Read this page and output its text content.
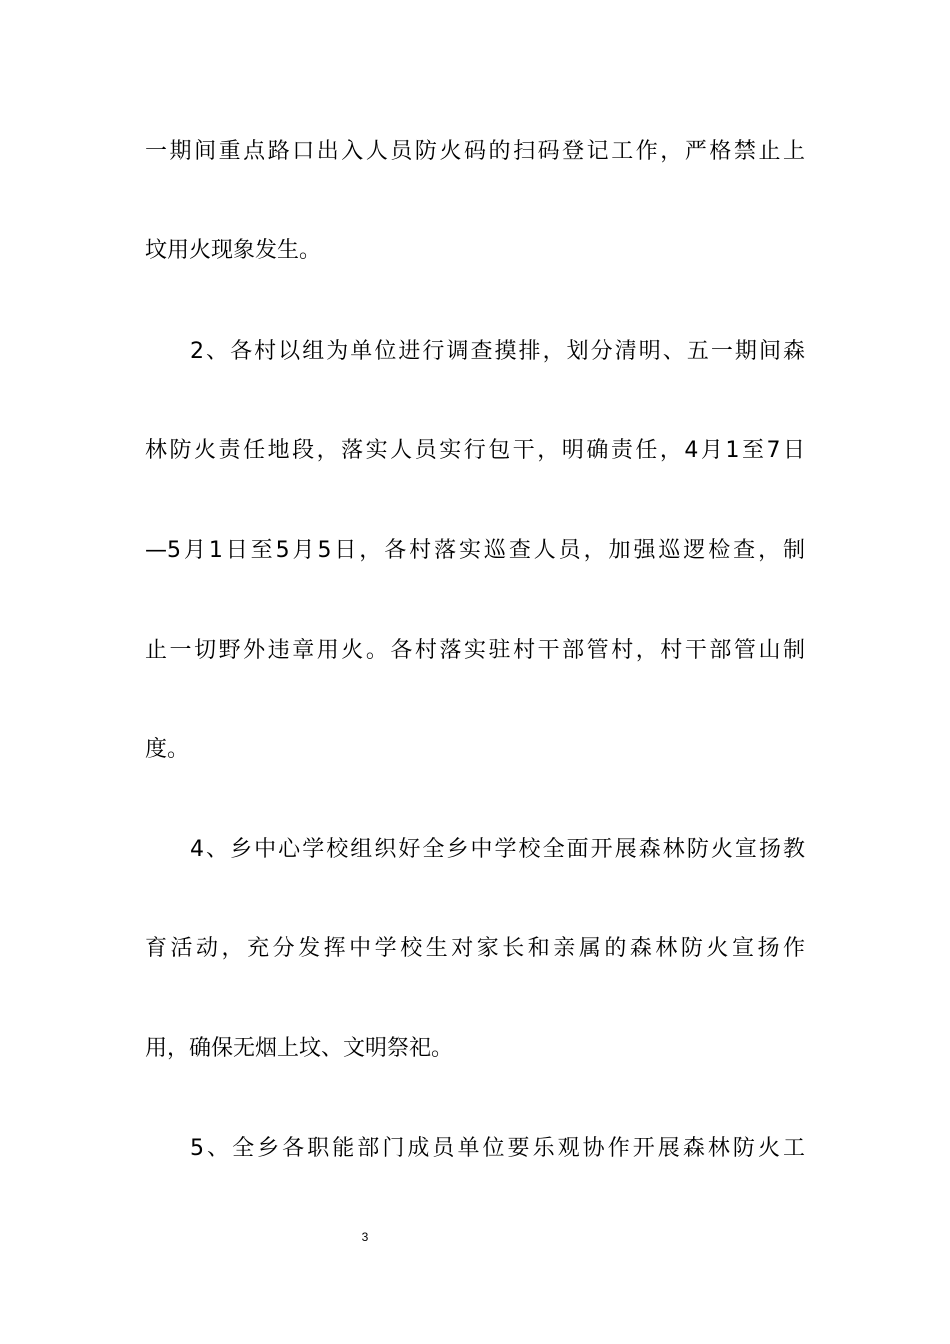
一期间重点路口出入人员防火码的扫码登记工作，严格禁止上
坟用火现象发生。
2、各村以组为单位进行调查摸排，划分清明、五一期间森
林防火责任地段，落实人员实行包干，明确责任，4月1至7日
—5月1日至5月5日，各村落实巡查人员，加强巡逻检查，制
止一切野外违章用火。各村落实驻村干部管村，村干部管山制
度。
4、乡中心学校组织好全乡中学校全面开展森林防火宣扬教
育活动，充分发挥中学校生对家长和亲属的森林防火宣扬作
用，确保无烟上坟、文明祭祀。
5、全乡各职能部门成员单位要乐观协作开展森林防火工
3
